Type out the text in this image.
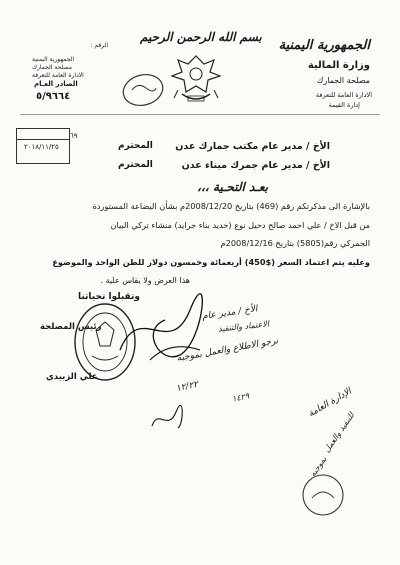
بسم الله الرحمن الرحيم
الجمهورية اليمنية
وزارة المالية
مصلحة الجمارك
الادارة العامة للتعرفة
إدارة القيمة
الرقم :
الجمهورية اليمنية
مصلحة الجمارك
الادارة العامة للتعرفة
الصادر العـام
٥/٩٦٦٤
٢٠١٨/١١/٢٥
٦٩
الأخ / مدير عام مكتب جمارك عدن
المحترم
الأخ / مدير عام جمرك ميناء عدن
المحترم
بعـد التحـية ،،،
بالإشارة الى مذكرتكم رقم (469) بتاريخ 2008/12/20م بشأن البضاعة المستوردة
من قبل الاخ / علي احمد صالح دحيل نوع (حديد بناء جرايد) منشاء تركي البيان
الجمركي رقم(5805) بتاريخ 2008/12/16م
وعليه يتم اعتماد السعر ($450) أربعمائة وخمسون دولار للطن الواحد والموضوع
هذا العرض ولا يقاس علية .
وتقبلوا تحياتنا
رئيس المصلحة
علي الزبيدي
الأخ / مدير عام
الاعتماد والتنفيذ
نرجو الاطلاع والعمل بموجبه
١٢/٢٢
١٤٢٩	الإدارة العامة
للتنفيذ والعمل
بموجبه
